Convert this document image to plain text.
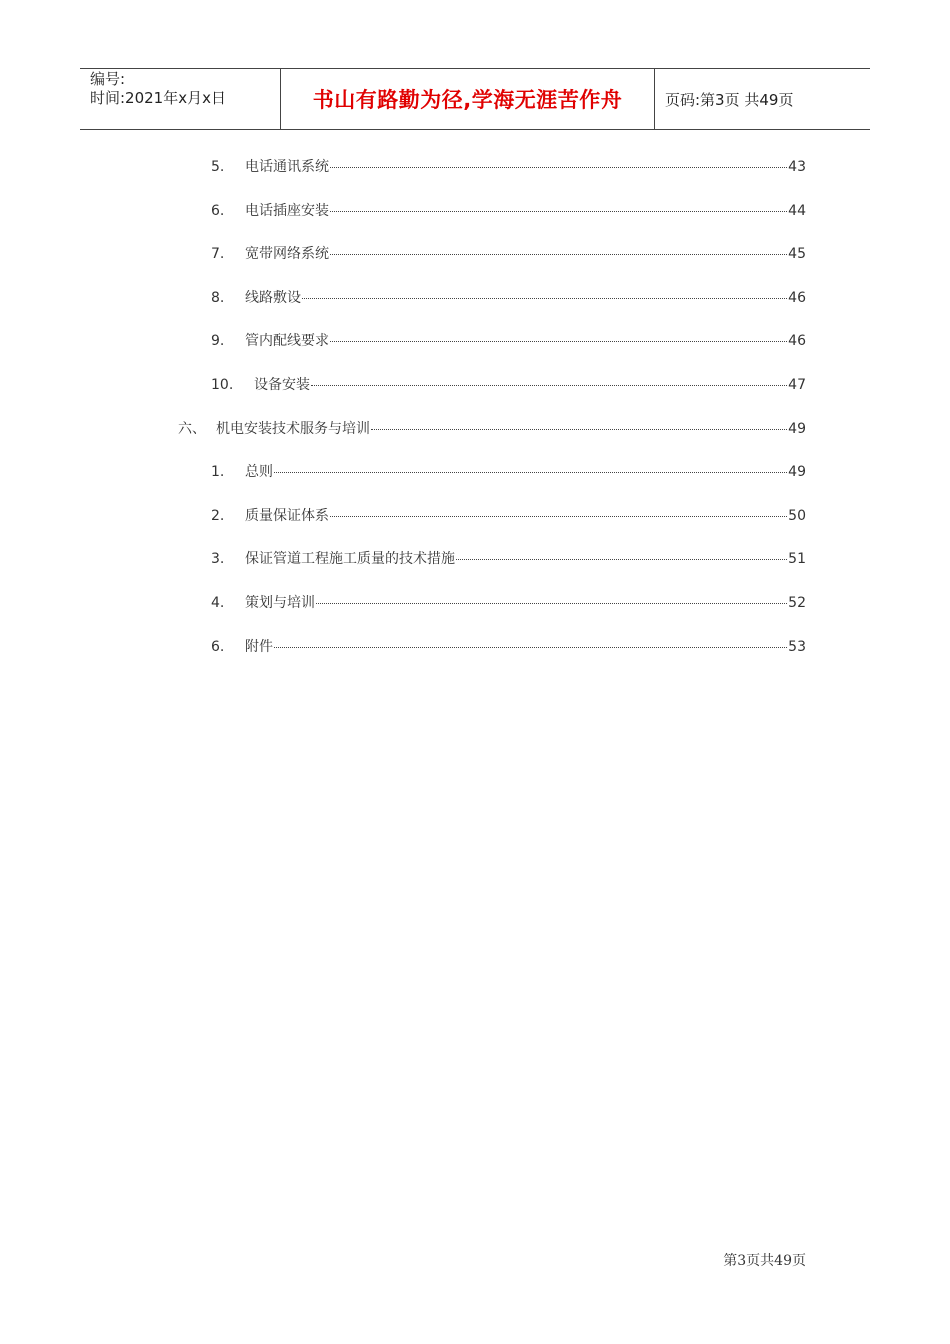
编号:
时间:2021年x月x日	书山有路勤为径,学海无涯苦作舟	页码:第3页 共49页
5.	电话通讯系统	43
6.	电话插座安装	44
7.	宽带网络系统	45
8.	线路敷设	46
9.	管内配线要求	46
10.	设备安装	47
六、 机电安装技术服务与培训	49
1.	总则	49
2.	质量保证体系	50
3.	保证管道工程施工质量的技术措施	51
4.	策划与培训	52
6.	附件	53
第3页共49页
